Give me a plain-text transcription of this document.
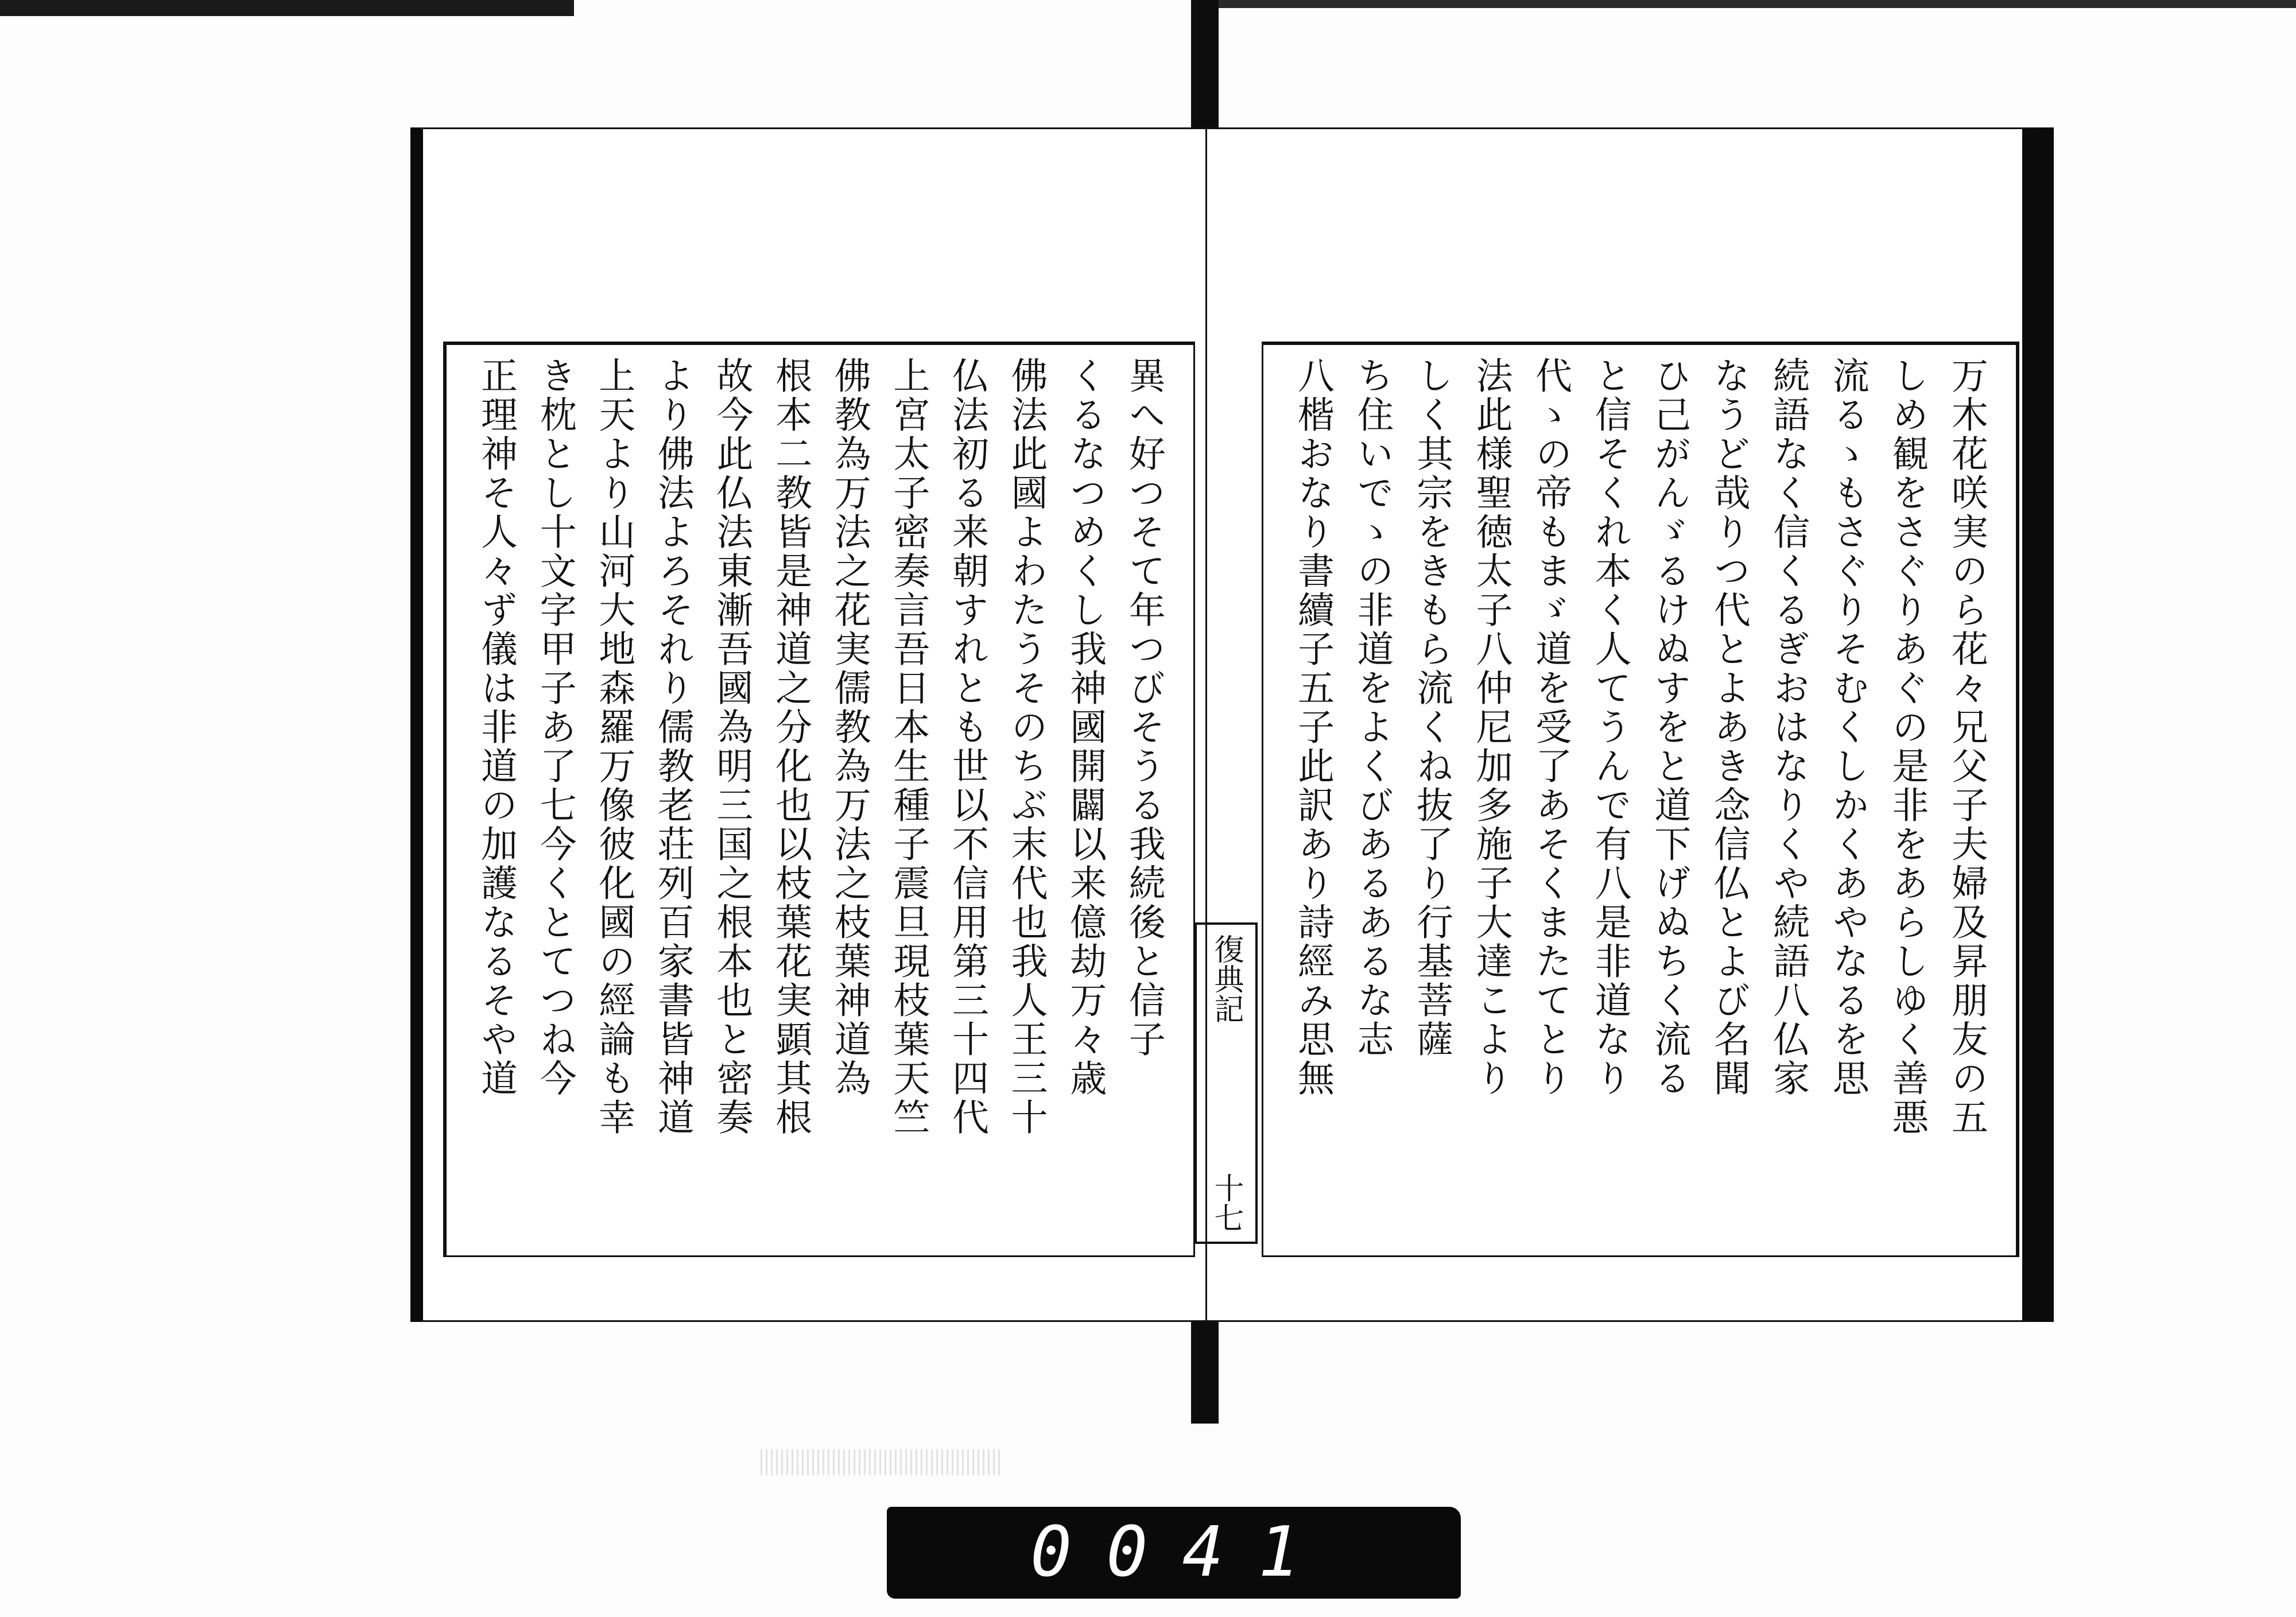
異へ好つそて年つびそうる我続後と信子
くるなつめくし我神國開闢以来億劫万々歳
佛法此國よわたうそのちぶ末代也我人王三十
仏法初る来朝すれとも世以不信用第三十四代
上宮太子密奏言吾日本生種子震旦現枝葉天竺
佛教為万法之花実儒教為万法之枝葉神道為
根本二教皆是神道之分化也以枝葉花実顕其根
故今此仏法東漸吾國為明三国之根本也と密奏
より佛法よろそれり儒教老荘列百家書皆神道
上天より山河大地森羅万像彼化國の經論も幸
き枕とし十文字甲子あ了七今くとてつね今
正理神そ人々ず儀は非道の加護なるそや道	万木花咲実のら花々兄父子夫婦及昇朋友の五
しめ観をさぐりあぐの是非をあらしゆく善悪
流るゝもさぐりそむくしかくあやなるを思
続語なく信くるぎおはなりくや続語八仏家
なうど哉りつ代とよあき念信仏とよび名聞
ひ己がんゞるけぬすをと道下げぬちく流る
と信そくれ本く人てうんで有八是非道なり
代ゝの帝もまゞ道を受了あそくまたてとり
法此様聖徳太子八仲尼加多施子大達こより
しく其宗をきもら流くね抜了り行基菩薩
ち住いでゝの非道をよくびあるあるな志
八楷おなり書續子五子此訳あり詩經み思無
復典記
十七
0041
